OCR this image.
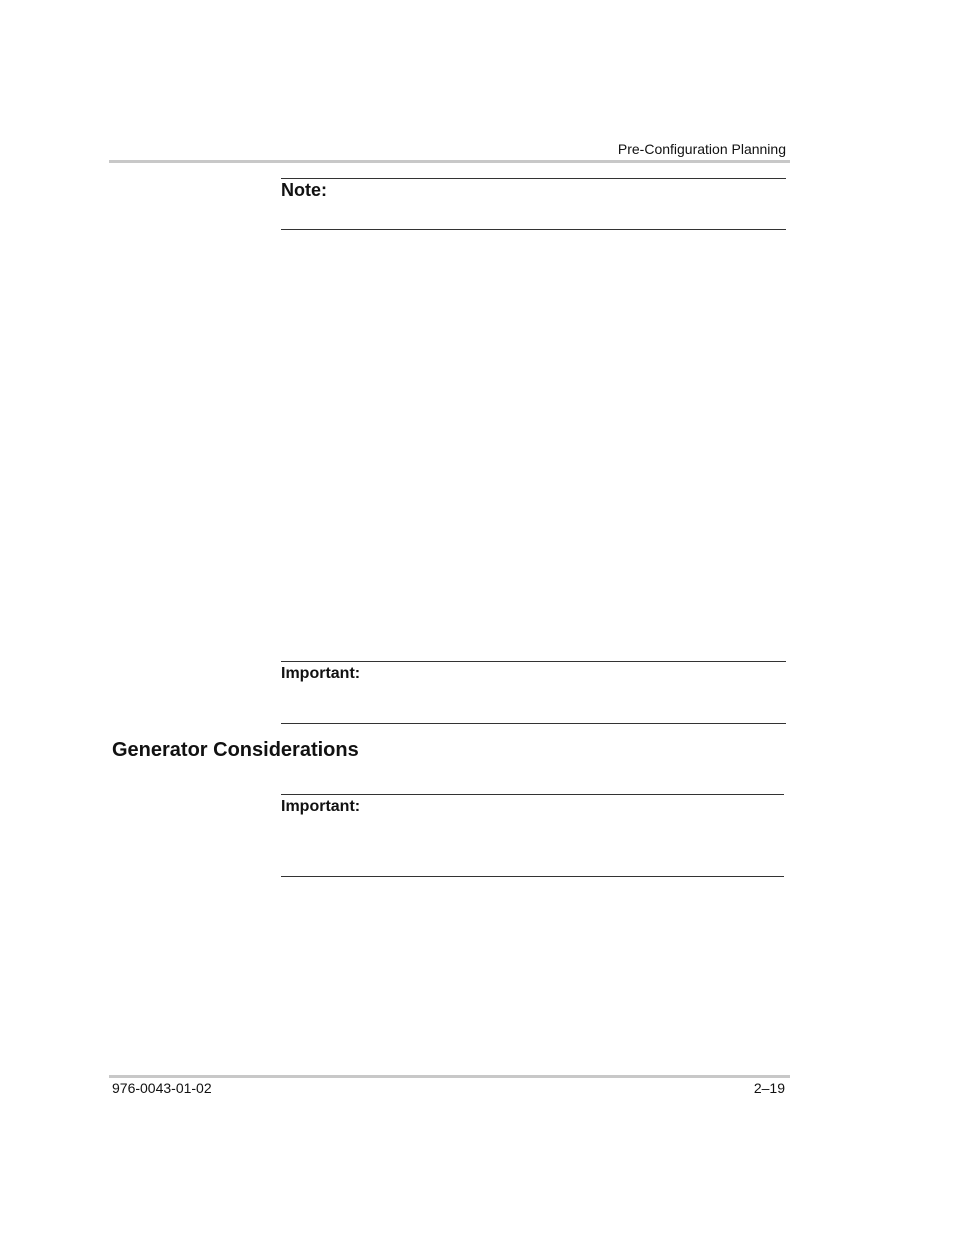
Pre-Configuration Planning
Note:
Important:
Generator Considerations
Important:
976-0043-01-02	2–19
